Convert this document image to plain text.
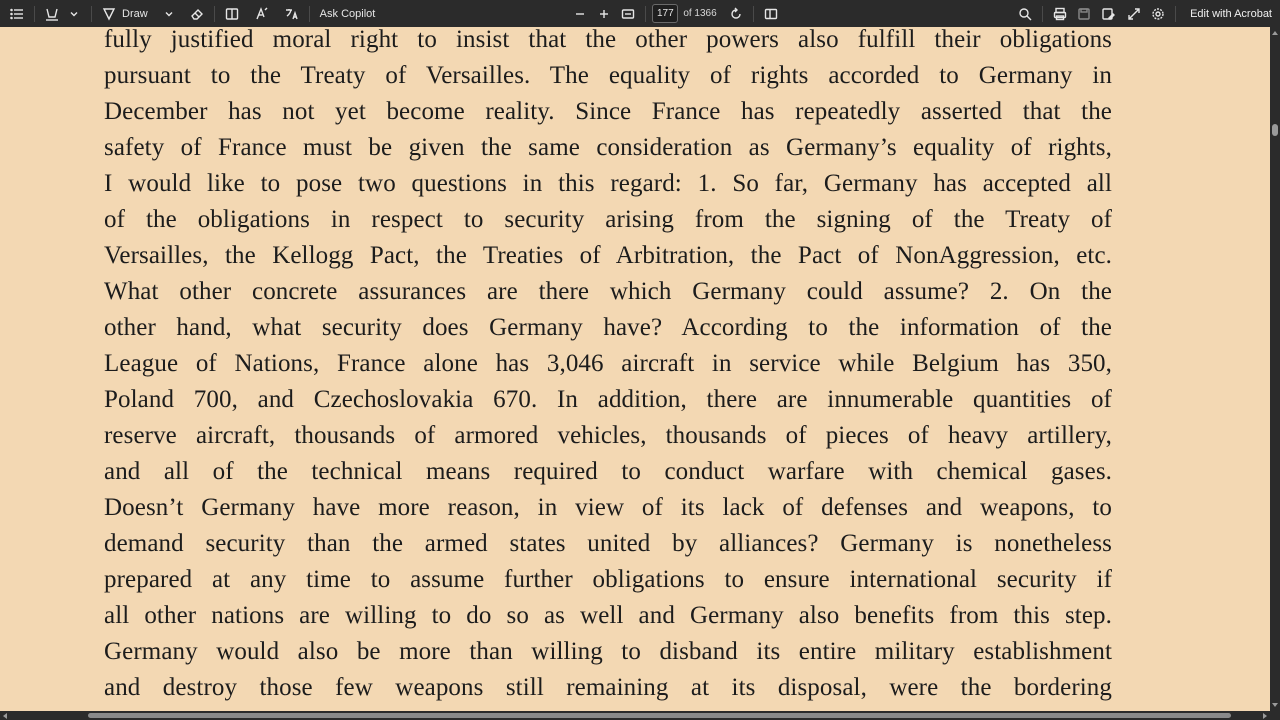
Draw	Ask Copilot	177 of 1366	Edit with Acrobat
fully justified moral right to insist that the other powers also fulfill their obligations
pursuant to the Treaty of Versailles. The equality of rights accorded to Germany in
December has not yet become reality. Since France has repeatedly asserted that the
safety of France must be given the same consideration as Germany’s equality of rights,
I would like to pose two questions in this regard: 1. So far, Germany has accepted all
of the obligations in respect to security arising from the signing of the Treaty of
Versailles, the Kellogg Pact, the Treaties of Arbitration, the Pact of NonAggression, etc.
What other concrete assurances are there which Germany could assume? 2. On the
other hand, what security does Germany have? According to the information of the
League of Nations, France alone has 3,046 aircraft in service while Belgium has 350,
Poland 700, and Czechoslovakia 670. In addition, there are innumerable quantities of
reserve aircraft, thousands of armored vehicles, thousands of pieces of heavy artillery,
and all of the technical means required to conduct warfare with chemical gases.
Doesn’t Germany have more reason, in view of its lack of defenses and weapons, to
demand security than the armed states united by alliances? Germany is nonetheless
prepared at any time to assume further obligations to ensure international security if
all other nations are willing to do so as well and Germany also benefits from this step.
Germany would also be more than willing to disband its entire military establishment
and destroy those few weapons still remaining at its disposal, were the bordering
